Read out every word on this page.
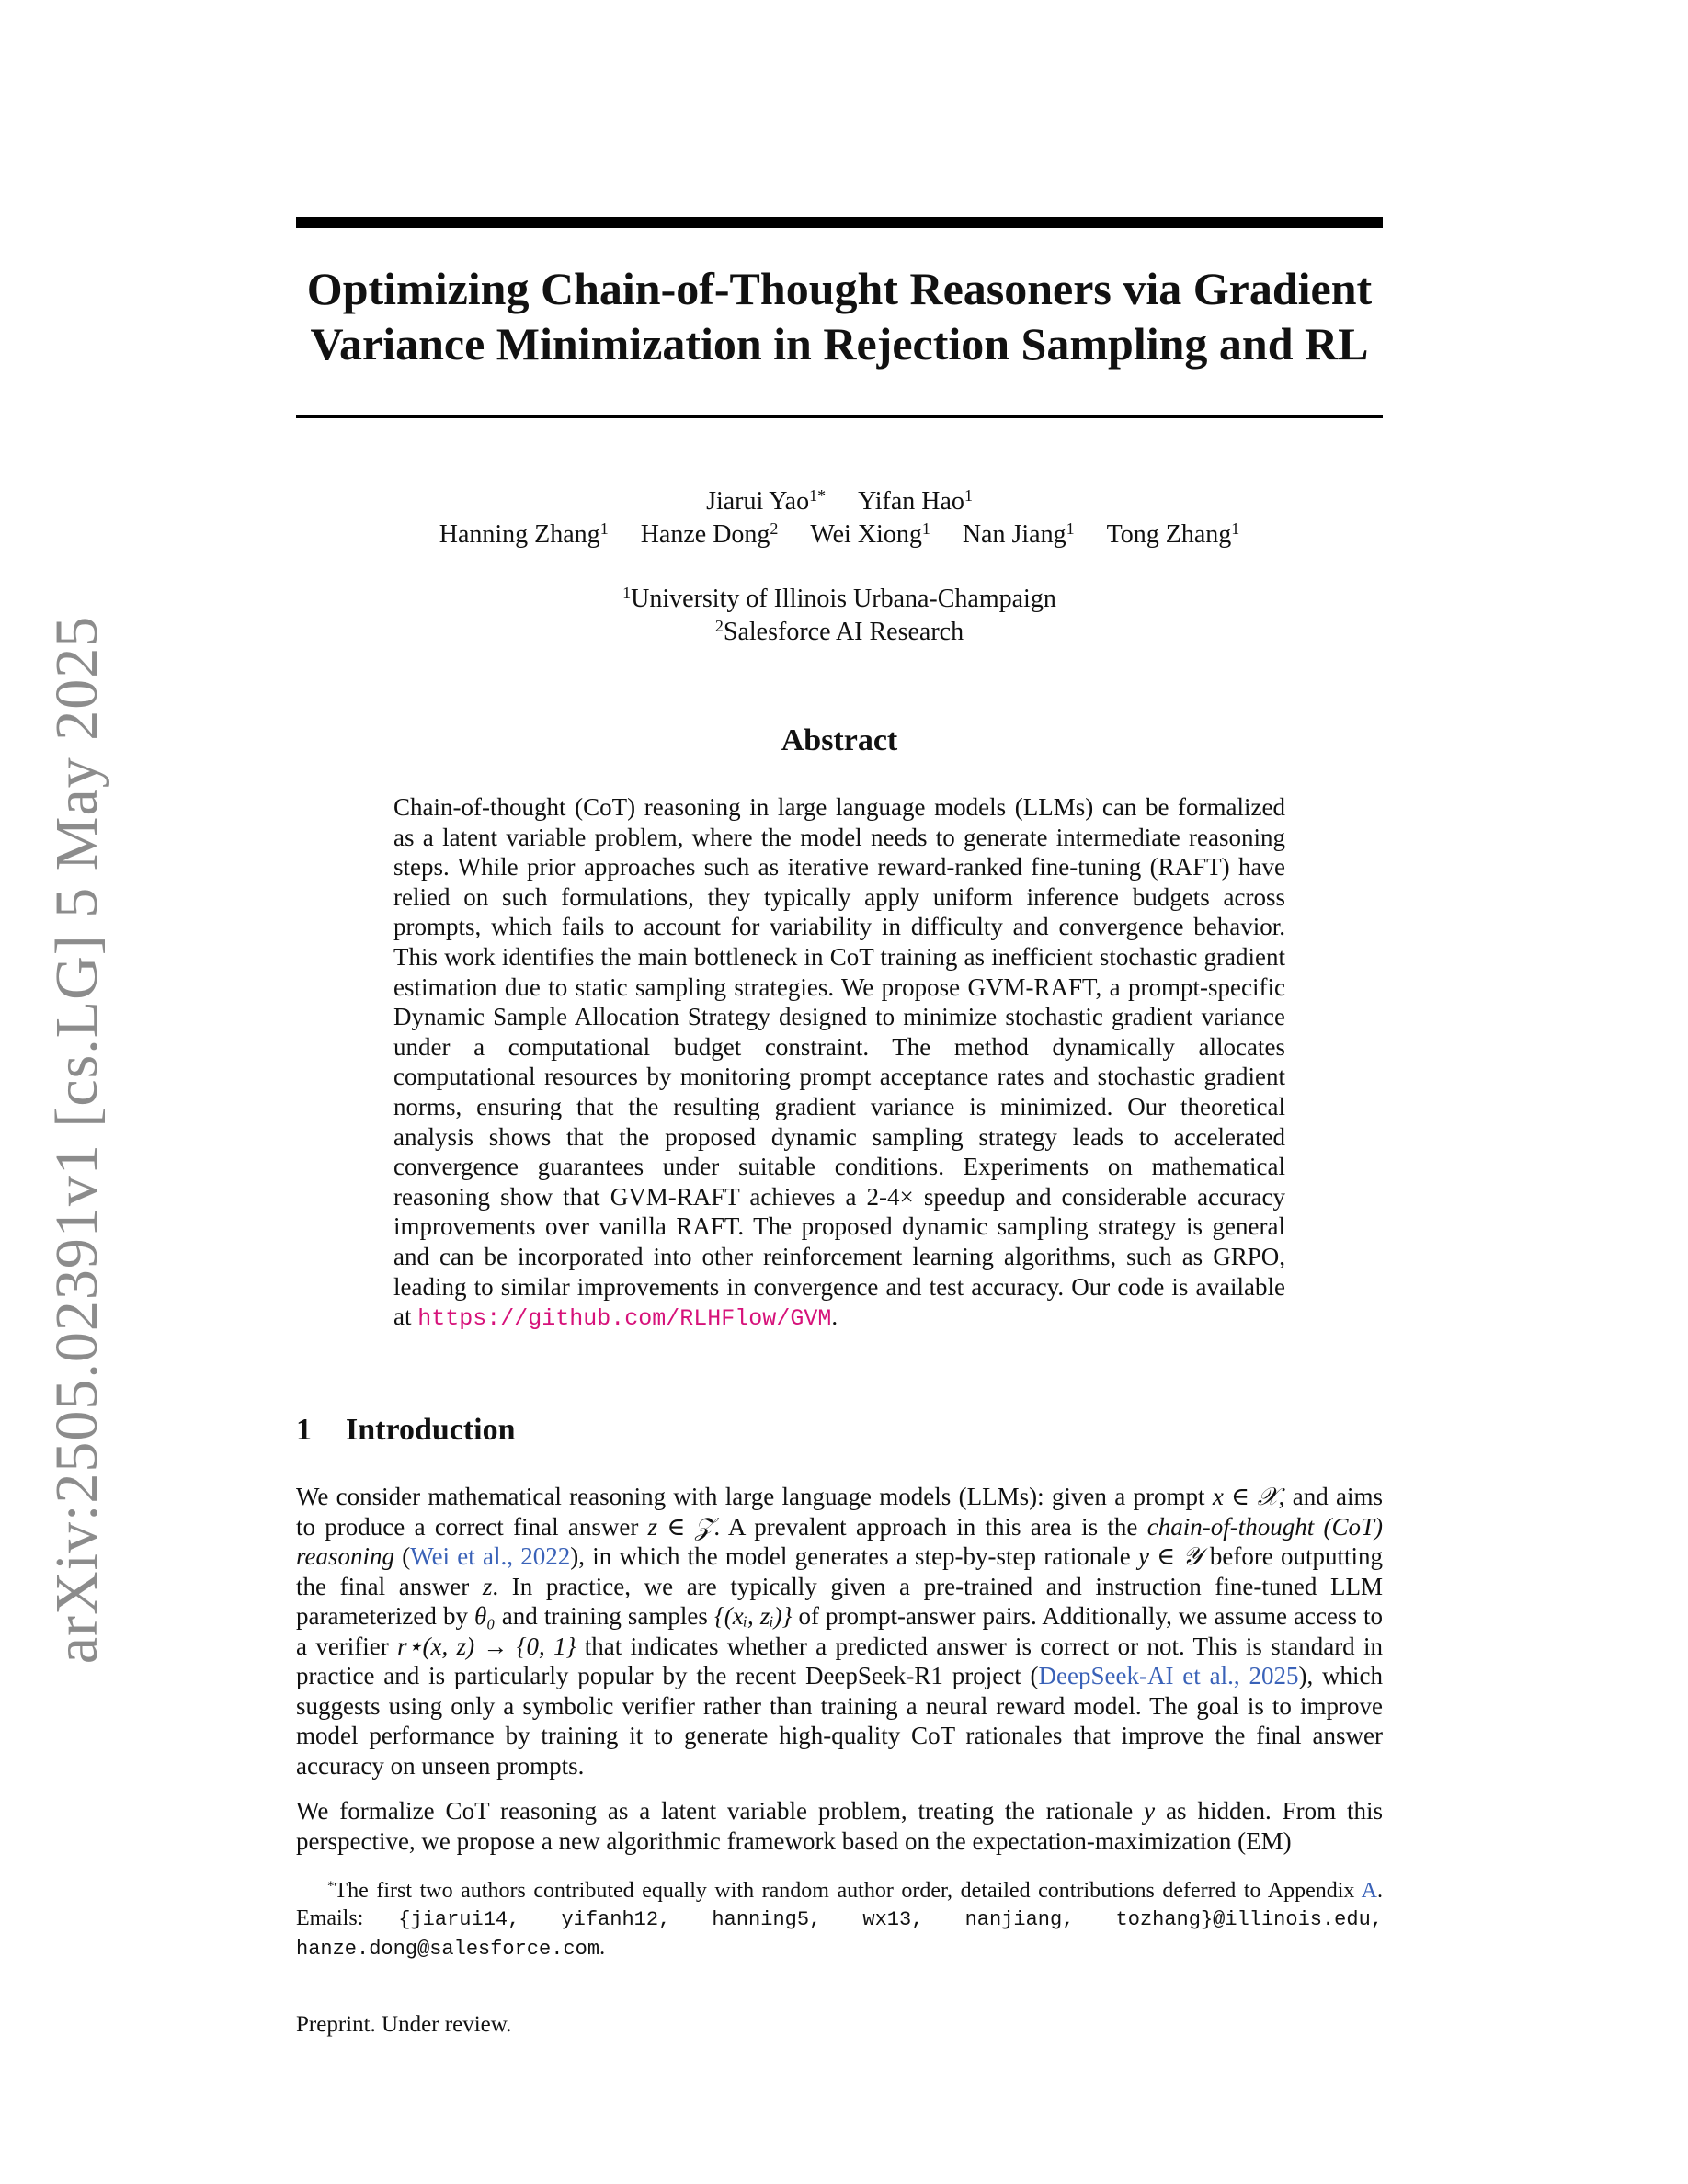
arXiv:2505.02391v1 [cs.LG] 5 May 2025
Optimizing Chain-of-Thought Reasoners via Gradient
Variance Minimization in Rejection Sampling and RL
Jiarui Yao$^{1*}$ Yifan Hao$^1$
Hanning Zhang$^1$ Hanze Dong$^2$ Wei Xiong$^1$ Nan Jiang$^1$ Tong Zhang$^1$
$^1$University of Illinois Urbana-Champaign
$^2$Salesforce AI Research
Abstract

Chain-of-thought (CoT) reasoning in large language models (LLMs) can be formalized as a latent variable problem, where the model needs to generate intermediate reasoning steps. While prior approaches such as iterative reward-ranked fine-tuning (RAFT) have relied on such formulations, they typically apply uniform inference budgets across prompts, which fails to account for variability in difficulty and convergence behavior. This work identifies the main bottleneck in CoT training as inefficient stochastic gradient estimation due to static sampling strategies. We propose GVM-RAFT, a prompt-specific Dynamic Sample Allocation Strategy designed to minimize stochastic gradient variance under a computational budget constraint. The method dynamically allocates computational resources by monitoring prompt acceptance rates and stochastic gradient norms, ensuring that the resulting gradient variance is minimized. Our theoretical analysis shows that the proposed dynamic sampling strategy leads to accelerated convergence guarantees under suitable conditions. Experiments on mathematical reasoning show that GVM-RAFT achieves a 2-4× speedup and considerable accuracy improvements over vanilla RAFT. The proposed dynamic sampling strategy is general and can be incorporated into other reinforcement learning algorithms, such as GRPO, leading to similar improvements in convergence and test accuracy. Our code is available at https://github.com/RLHFlow/GVM.

1 Introduction

We consider mathematical reasoning with large language models (LLMs): given a prompt x ∈ 𝒳, and aims to produce a correct final answer z ∈ 𝒵. A prevalent approach in this area is the chain-of-thought (CoT) reasoning (Wei et al., 2022), in which the model generates a step-by-step rationale y ∈ 𝒴 before outputting the final answer z. In practice, we are typically given a pre-trained and instruction fine-tuned LLM parameterized by θ₀ and training samples {(xᵢ, zᵢ)} of prompt-answer pairs. Additionally, we assume access to a verifier r⋆(x, z) → {0, 1} that indicates whether a predicted answer is correct or not. This is standard in practice and is particularly popular by the recent DeepSeek-R1 project (DeepSeek-AI et al., 2025), which suggests using only a symbolic verifier rather than training a neural reward model. The goal is to improve model performance by training it to generate high-quality CoT rationales that improve the final answer accuracy on unseen prompts.

We formalize CoT reasoning as a latent variable problem, treating the rationale y as hidden. From this perspective, we propose a new algorithmic framework based on the expectation-maximization (EM)

*The first two authors contributed equally with random author order, detailed contributions deferred to Appendix A. Emails: {jiarui14, yifanh12, hanning5, wx13, nanjiang, tozhang}@illinois.edu, hanze.dong@salesforce.com.

Preprint. Under review.
